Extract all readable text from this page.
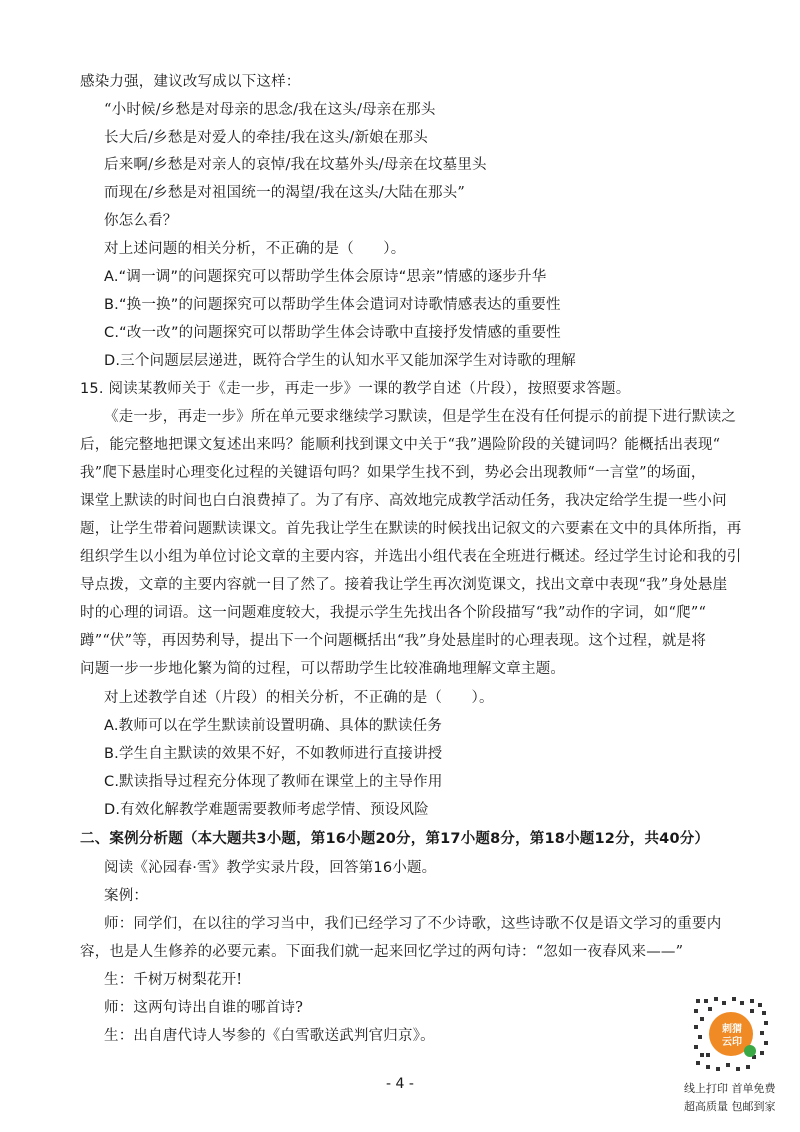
感染力强，建议改写成以下这样：
“小时候/乡愁是对母亲的思念/我在这头/母亲在那头
长大后/乡愁是对爱人的牵挂/我在这头/新娘在那头
后来啊/乡愁是对亲人的哀悼/我在坟墓外头/母亲在坟墓里头
而现在/乡愁是对祖国统一的渴望/我在这头/大陆在那头”
你怎么看？
对上述问题的相关分析，不正确的是（　　）。
A.“调一调”的问题探究可以帮助学生体会原诗“思亲”情感的逐步升华
B.“换一换”的问题探究可以帮助学生体会遣词对诗歌情感表达的重要性
C.“改一改”的问题探究可以帮助学生体会诗歌中直接抒发情感的重要性
D.三个问题层层递进，既符合学生的认知水平又能加深学生对诗歌的理解
15. 阅读某教师关于《走一步，再走一步》一课的教学自述（片段），按照要求答题。
《走一步，再走一步》所在单元要求继续学习默读，但是学生在没有任何提示的前提下进行默读之
后，能完整地把课文复述出来吗？能顺利找到课文中关于“我”遇险阶段的关键词吗？能概括出表现“
我”爬下悬崖时心理变化过程的关键语句吗？如果学生找不到，势必会出现教师“一言堂”的场面，
课堂上默读的时间也白白浪费掉了。为了有序、高效地完成教学活动任务，我决定给学生提一些小问
题，让学生带着问题默读课文。首先我让学生在默读的时候找出记叙文的六要素在文中的具体所指，再
组织学生以小组为单位讨论文章的主要内容，并选出小组代表在全班进行概述。经过学生讨论和我的引
导点拨，文章的主要内容就一目了然了。接着我让学生再次浏览课文，找出文章中表现“我”身处悬崖
时的心理的词语。这一问题难度较大，我提示学生先找出各个阶段描写“我”动作的字词，如“爬”“
蹲”“伏”等，再因势利导，提出下一个问题概括出“我”身处悬崖时的心理表现。这个过程，就是将
问题一步一步地化繁为简的过程，可以帮助学生比较准确地理解文章主题。
对上述教学自述（片段）的相关分析，不正确的是（　　）。
A.教师可以在学生默读前设置明确、具体的默读任务
B.学生自主默读的效果不好，不如教师进行直接讲授
C.默读指导过程充分体现了教师在课堂上的主导作用
D.有效化解教学难题需要教师考虑学情、预设风险
二、案例分析题（本大题共3小题，第16小题20分，第17小题8分，第18小题12分，共40分）
阅读《沁园春·雪》教学实录片段，回答第16小题。
案例：
师：同学们，在以往的学习当中，我们已经学习了不少诗歌，这些诗歌不仅是语文学习的重要内
容，也是人生修养的必要元素。下面我们就一起来回忆学过的两句诗：“忽如一夜春风来——”
生：千树万树梨花开!
师：这两句诗出自谁的哪首诗?
生：出自唐代诗人岑参的《白雪歌送武判官归京》。
- 4 -
刺猬
云印
线上打印 首单免费
超高质量 包邮到家
